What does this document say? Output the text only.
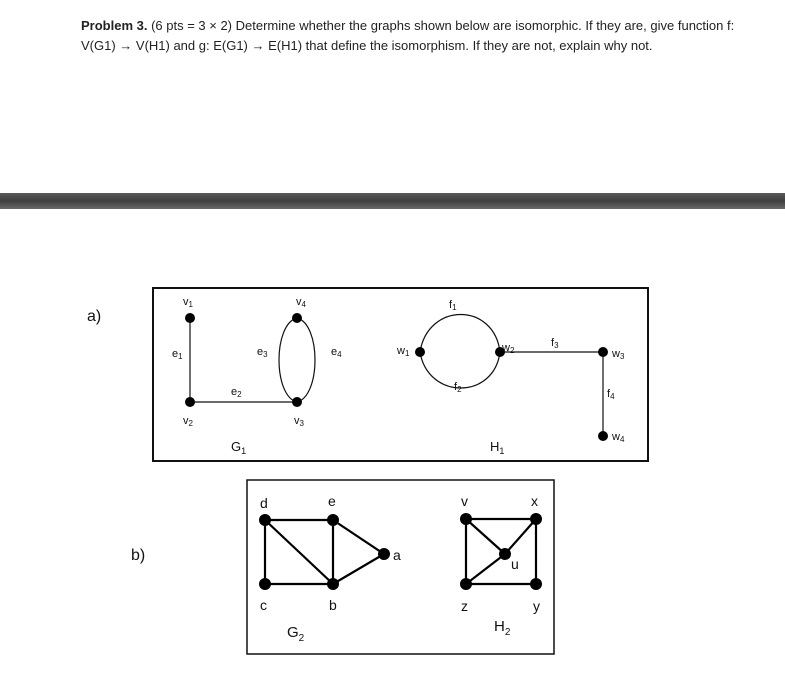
Problem 3. (6 pts = 3 × 2) Determine whether the graphs shown below are isomorphic. If they are, give function f: V(G1) → V(H1) and g: E(G1) → E(H1) that define the isomorphism. If they are not, explain why not.
a)
b)
v1
v2	v3
v4
e1
e2
e3	e4
$G_1$
w1	w2	w3
w4
f1
f2
f3
f4
$H_1$
d	e
c	b
a
$G_2$
v	x
z	y
u
$H_2$
